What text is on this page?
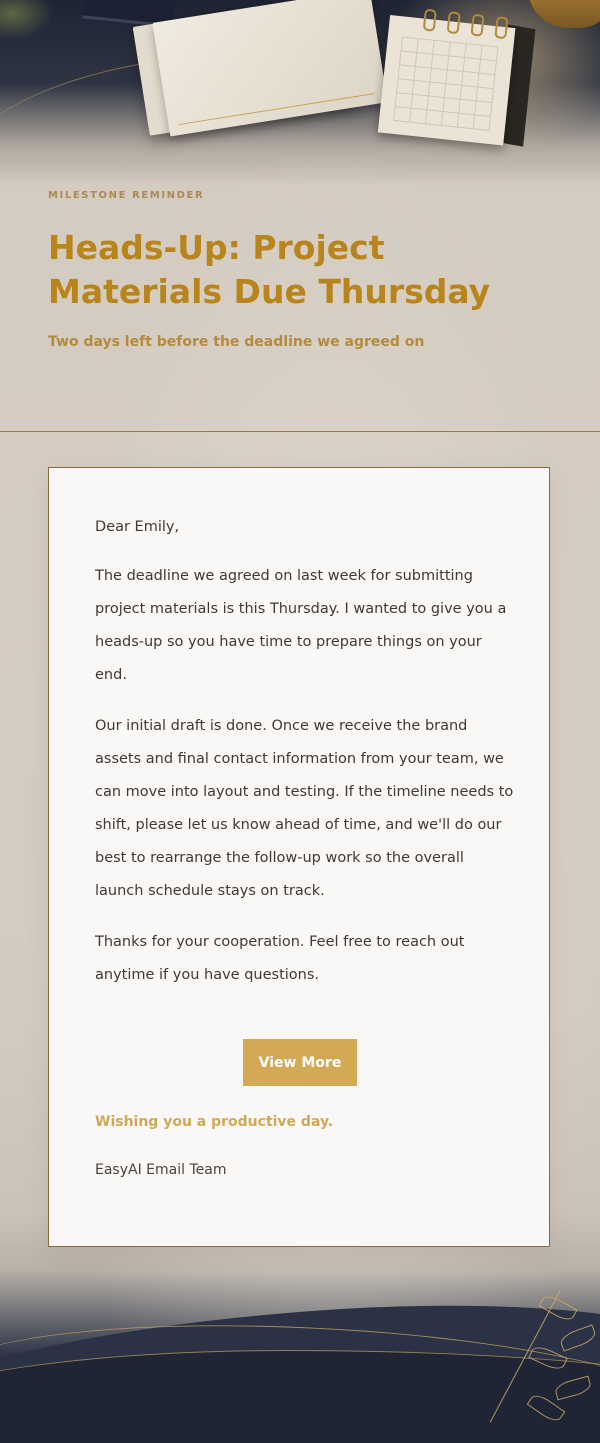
MILESTONE REMINDER
Heads-Up: Project Materials Due Thursday
Two days left before the deadline we agreed on

Dear Emily,

The deadline we agreed on last week for submitting project materials is this Thursday. I wanted to give you a heads-up so you have time to prepare things on your end.

Our initial draft is done. Once we receive the brand assets and final contact information from your team, we can move into layout and testing. If the timeline needs to shift, please let us know ahead of time, and we'll do our best to rearrange the follow-up work so the overall launch schedule stays on track.

Thanks for your cooperation. Feel free to reach out anytime if you have questions.

View More
Wishing you a productive day.
EasyAI Email Team
